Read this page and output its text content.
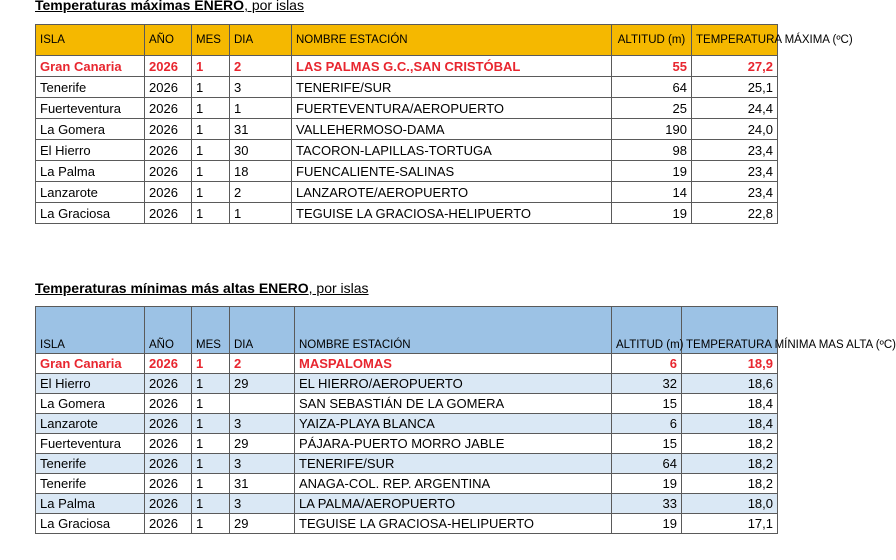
Temperaturas máximas ENERO, por islas
ISLA	AÑO	MES	DIA	NOMBRE ESTACIÓN	ALTITUD (m)	TEMPERATURA MÁXIMA (ºC)
Gran Canaria	2026	1	2	LAS PALMAS G.C.,SAN CRISTÓBAL	55	27,2
Tenerife	2026	1	3	TENERIFE/SUR	64	25,1
Fuerteventura	2026	1	1	FUERTEVENTURA/AEROPUERTO	25	24,4
La Gomera	2026	1	31	VALLEHERMOSO-DAMA	190	24,0
El Hierro	2026	1	30	TACORON-LAPILLAS-TORTUGA	98	23,4
La Palma	2026	1	18	FUENCALIENTE-SALINAS	19	23,4
Lanzarote	2026	1	2	LANZAROTE/AEROPUERTO	14	23,4
La Graciosa	2026	1	1	TEGUISE LA GRACIOSA-HELIPUERTO	19	22,8
Temperaturas mínimas más altas ENERO, por islas
ISLA	AÑO	MES	DIA	NOMBRE ESTACIÓN	ALTITUD (m)	TEMPERATURA MÍNIMA MAS ALTA (ºC)
Gran Canaria	2026	1	2	MASPALOMAS	6	18,9
El Hierro	2026	1	29	EL HIERRO/AEROPUERTO	32	18,6
La Gomera	2026	1		SAN SEBASTIÁN DE LA GOMERA	15	18,4
Lanzarote	2026	1	3	YAIZA-PLAYA BLANCA	6	18,4
Fuerteventura	2026	1	29	PÁJARA-PUERTO MORRO JABLE	15	18,2
Tenerife	2026	1	3	TENERIFE/SUR	64	18,2
Tenerife	2026	1	31	ANAGA-COL. REP. ARGENTINA	19	18,2
La Palma	2026	1	3	LA PALMA/AEROPUERTO	33	18,0
La Graciosa	2026	1	29	TEGUISE LA GRACIOSA-HELIPUERTO	19	17,1
